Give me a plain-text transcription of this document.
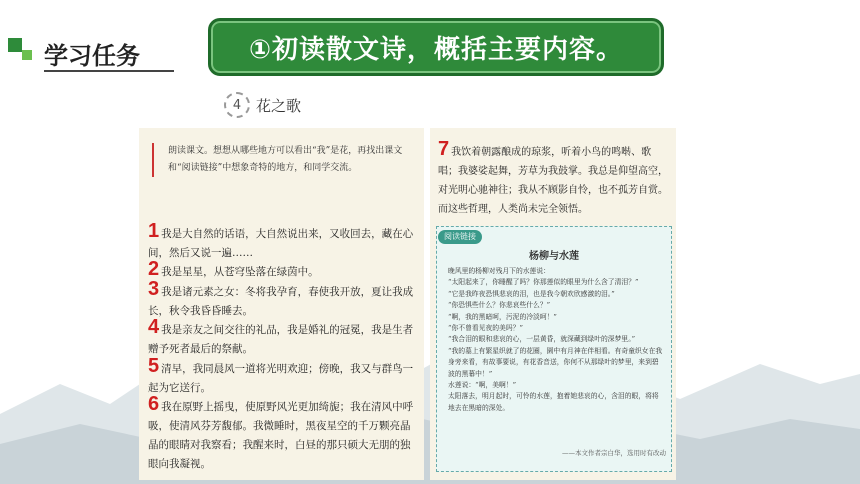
学习任务	①初读散文诗，概括主要内容。
4 花之歌
朗读课文。想想从哪些地方可以看出“我”是花，再找出课文和“阅读链接”中想象奇特的地方，和同学交流。
1 我是大自然的话语，大自然说出来，又收回去，藏在心间，然后又说一遍……
2 我是星星，从苍穹坠落在绿茵中。
3 我是诸元素之女：冬将我孕育，春使我开放，夏让我成长，秋令我昏昏睡去。
4 我是亲友之间交往的礼品，我是婚礼的冠冕，我是生者赠予死者最后的祭献。
5 清早，我同晨风一道将光明欢迎；傍晚，我又与群鸟一起为它送行。
6 我在原野上摇曳，使原野风光更加绮旎；我在清风中呼吸，使清风芬芳馥郁。我微睡时，黑夜星空的千万颗亮晶晶的眼睛对我察看；我醒来时，白昼的那只硕大无朋的独眼向我凝视。
7 我饮着朝露酿成的琼浆，听着小鸟的鸣啭、歌唱；我婆娑起舞，芳草为我鼓掌。我总是仰望高空，对光明心驰神往；我从不顾影自怜，也不孤芳自赏。而这些哲理，人类尚未完全领悟。
阅读链接
杨柳与水莲
晚风里的杨柳对残月下的水莲说：
“太阳起来了，你睡醒了吗？你那莲似的眼里为什么含了清泪？”
“它是我昨夜恐惧悲哀的泪，也是我今朝欢欣感激的泪。”
“你恐惧些什么？你悲哀些什么？”
“啊，我的黑暗呵，污泥的冷淡呵！”
“你不曾看见夜的美吗？”
“我合泪的眼和悲哀的心，一层黄昏，就深藏到绿叶的深梦里。”
“我的墓上有繁星织就了的花圈，園中有月神在伴相看。有奇童织女在我身旁来看，有故事要说，有花香音送，你何不从那绿叶的梦里，来到碧波的黑幕中！”
水莲说：“啊，美啊！”
太阳落去，明月起时，可怜的水莲，抱着她悲哀的心，含泪的眼，将将地去在黑暗的深处。
——本文作者宗白华，选用时有改动
